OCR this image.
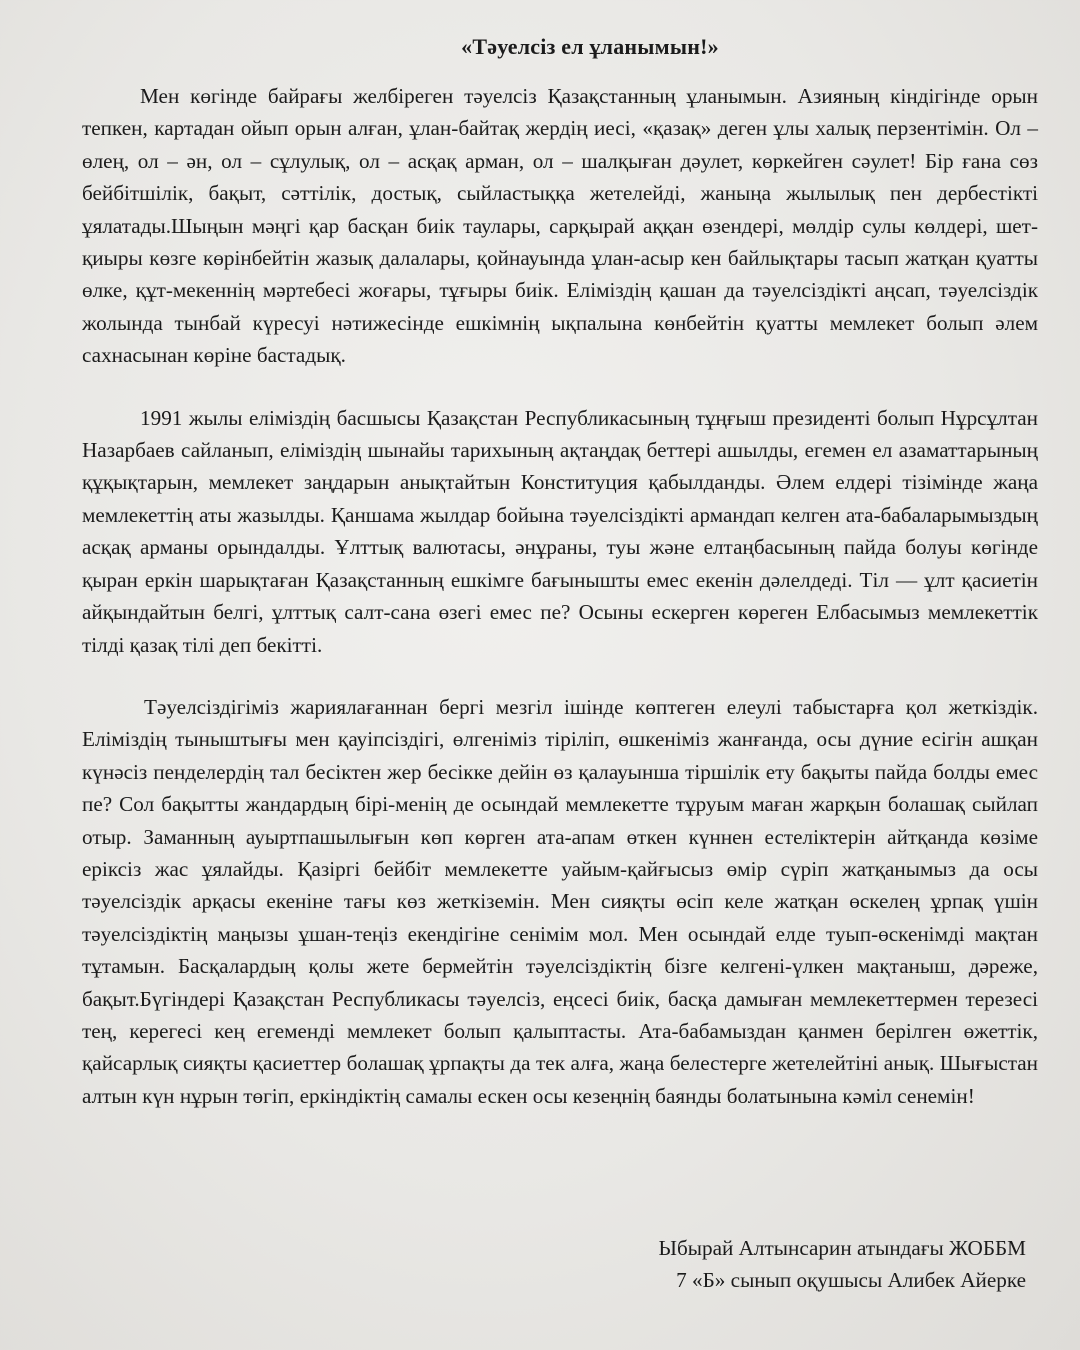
«Тәуелсіз ел ұланымын!»

Мен көгінде байрағы желбіреген тәуелсіз Қазақстанның ұланымын. Азияның кіндігінде орын тепкен, картадан ойып орын алған, ұлан-байтақ жердің иесі, «қазақ» деген ұлы халық перзентімін. Ол – өлең, ол – ән, ол – сұлулық, ол – асқақ арман, ол – шалқыған дәулет, көркейген сәулет! Бір ғана сөз бейбітшілік, бақыт, сәттілік, достық, сыйластыққа жетелейді, жаныңа жылылық пен дербестікті ұялатады.Шыңын мәңгі қар басқан биік таулары, сарқырай аққан өзендері, мөлдір сулы көлдері, шет-қиыры көзге көрінбейтін жазық далалары, қойнауында ұлан-асыр кен байлықтары тасып жатқан қуатты өлке, құт-мекеннің мәртебесі жоғары, тұғыры биік. Еліміздің қашан да тәуелсіздікті аңсап, тәуелсіздік жолында тынбай күресуі нәтижесінде ешкімнің ықпалына көнбейтін қуатты мемлекет болып әлем сахнасынан көріне бастадық.

1991 жылы еліміздің басшысы Қазақстан Республикасының тұңғыш президенті болып Нұрсұлтан Назарбаев сайланып, еліміздің шынайы тарихының ақтаңдақ беттері ашылды, егемен ел азаматтарының құқықтарын, мемлекет заңдарын анықтайтын Конституция қабылданды. Әлем елдері тізімінде жаңа мемлекеттің аты жазылды. Қаншама жылдар бойына тәуелсіздікті армандап келген ата-бабаларымыздың асқақ арманы орындалды. Ұлттық валютасы, әнұраны, туы және елтаңбасының пайда болуы көгінде қыран еркін шарықтаған Қазақстанның ешкімге бағынышты емес екенін дәлелдеді. Тіл — ұлт қасиетін айқындайтын белгі, ұлттық салт-сана өзегі емес пе? Осыны ескерген көреген Елбасымыз мемлекеттік тілді қазақ тілі деп бекітті.

Тәуелсіздігіміз жариялағаннан бергі мезгіл ішінде көптеген елеулі табыстарға қол жеткіздік. Еліміздің тыныштығы мен қауіпсіздігі, өлгеніміз тіріліп, өшкеніміз жанғанда, осы дүние есігін ашқан күнәсіз пенделердің тал бесіктен жер бесікке дейін өз қалауынша тіршілік ету бақыты пайда болды емес пе? Сол бақытты жандардың бірі-менің де осындай мемлекетте тұруым маған жарқын болашақ сыйлап отыр. Заманның ауыртпашылығын көп көрген ата-апам өткен күннен естеліктерін айтқанда көзіме еріксіз жас ұялайды. Қазіргі бейбіт мемлекетте уайым-қайғысыз өмір сүріп жатқанымыз да осы тәуелсіздік арқасы екеніне тағы көз жеткіземін. Мен сияқты өсіп келе жатқан өскелең ұрпақ үшін тәуелсіздіктің маңызы ұшан-теңіз екендігіне сенімім мол. Мен осындай елде туып-өскенімді мақтан тұтамын. Басқалардың қолы жете бермейтін тәуелсіздіктің бізге келгені-үлкен мақтаныш, дәреже, бақыт.Бүгіндері Қазақстан Республикасы тәуелсіз, еңсесі биік, басқа дамыған мемлекеттермен терезесі тең, керегесі кең егеменді мемлекет болып қалыптасты. Ата-бабамыздан қанмен берілген өжеттік, қайсарлық сияқты қасиеттер болашақ ұрпақты да тек алға, жаңа белестерге жетелейтіні анық. Шығыстан алтын күн нұрын төгіп, еркіндіктің самалы ескен осы кезеңнің баянды болатынына кәміл сенемін!

Ыбырай Алтынсарин атындағы ЖОББМ
7 «Б» сынып оқушысы Алибек Айерке
